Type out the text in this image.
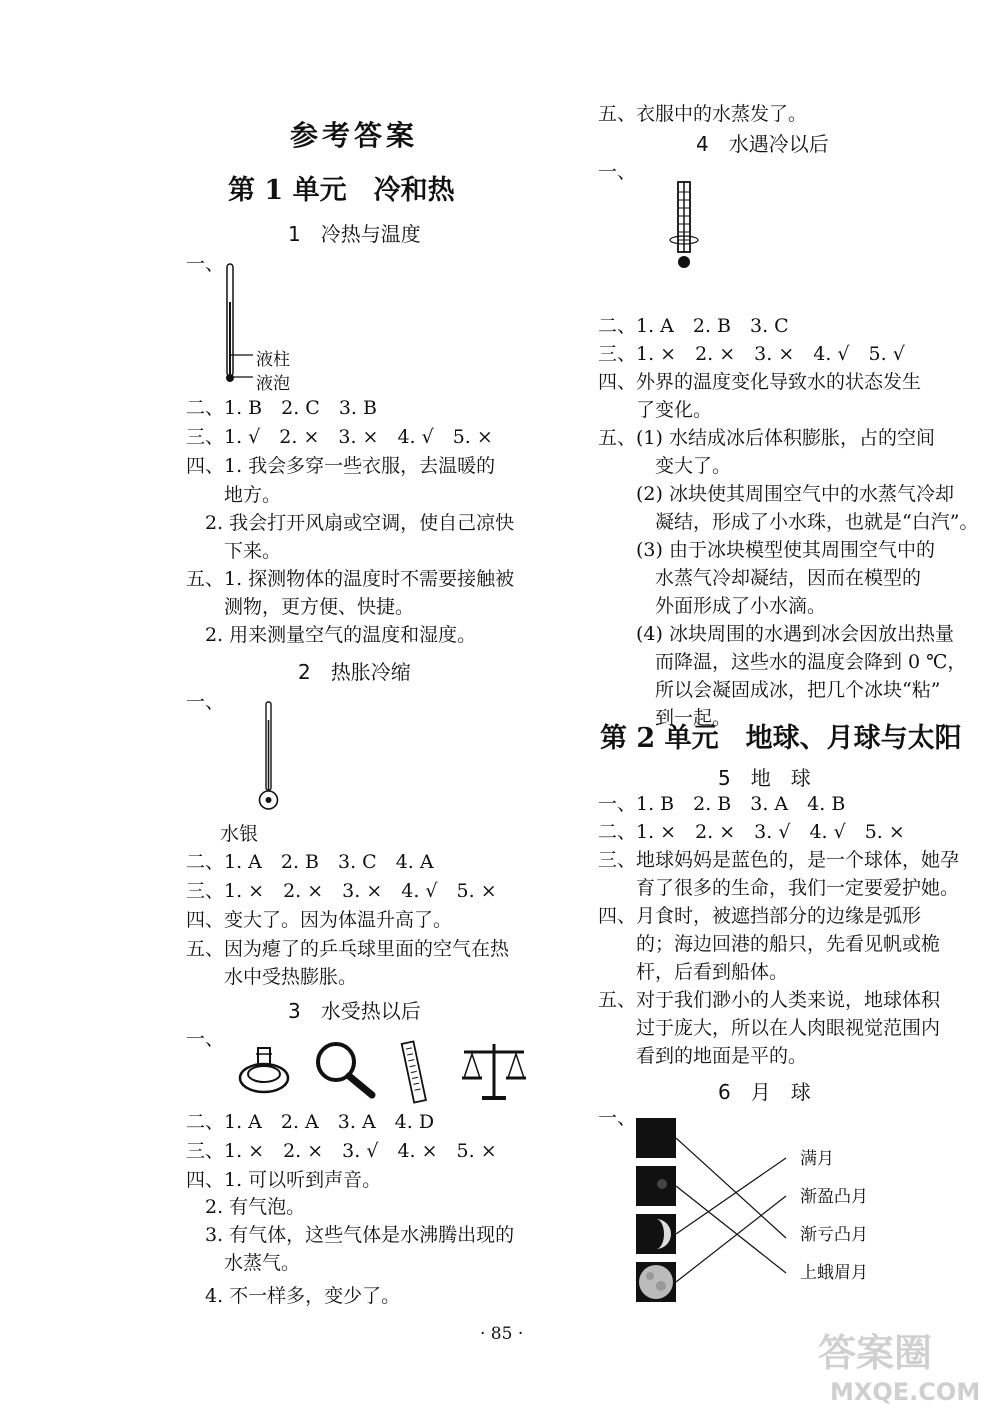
参考答案
第 1 单元　冷和热
1　冷热与温度
一、
液柱
液泡
二、1. B　2. C　3. B
三、1. √　2. ×　3. ×　4. √　5. ×
四、1. 我会多穿一些衣服，去温暖的
　　地方。
　2. 我会打开风扇或空调，使自己凉快
　　下来。
五、1. 探测物体的温度时不需要接触被
　　测物，更方便、快捷。
　2. 用来测量空气的温度和湿度。
2　热胀冷缩
一、
水银
二、1. A　2. B　3. C　4. A
三、1. ×　2. ×　3. ×　4. √　5. ×
四、变大了。因为体温升高了。
五、因为瘪了的乒乓球里面的空气在热
　　水中受热膨胀。
3　水受热以后
一、
二、1. A　2. A　3. A　4. D
三、1. ×　2. ×　3. √　4. ×　5. ×
四、1. 可以听到声音。
　2. 有气泡。
　3. 有气体，这些气体是水沸腾出现的
　　水蒸气。
　4. 不一样多，变少了。
五、衣服中的水蒸发了。
4　水遇冷以后
一、
二、1. A　2. B　3. C
三、1. ×　2. ×　3. ×　4. √　5. √
四、外界的温度变化导致水的状态发生
　　了变化。
五、(1) 水结成冰后体积膨胀，占的空间
　　　变大了。
　　(2) 冰块使其周围空气中的水蒸气冷却
　　　凝结，形成了小水珠，也就是“白汽”。
　　(3) 由于冰块模型使其周围空气中的
　　　水蒸气冷却凝结，因而在模型的
　　　外面形成了小水滴。
　　(4) 冰块周围的水遇到冰会因放出热量
　　　而降温，这些水的温度会降到 0 ℃，
　　　所以会凝固成冰，把几个冰块“粘”
　　　到一起。
第 2 单元　地球、月球与太阳
5　地　球
一、1. B　2. B　3. A　4. B
二、1. ×　2. ×　3. √　4. √　5. ×
三、地球妈妈是蓝色的，是一个球体，她孕
　　育了很多的生命，我们一定要爱护她。
四、月食时，被遮挡部分的边缘是弧形
　　的；海边回港的船只，先看见帆或桅
　　杆，后看到船体。
五、对于我们渺小的人类来说，地球体积
　　过于庞大，所以在人肉眼视觉范围内
　　看到的地面是平的。
6　月　球
一、
满月
渐盈凸月
渐亏凸月
上蛾眉月
· 85 ·	答案圈
MXQE.COM
